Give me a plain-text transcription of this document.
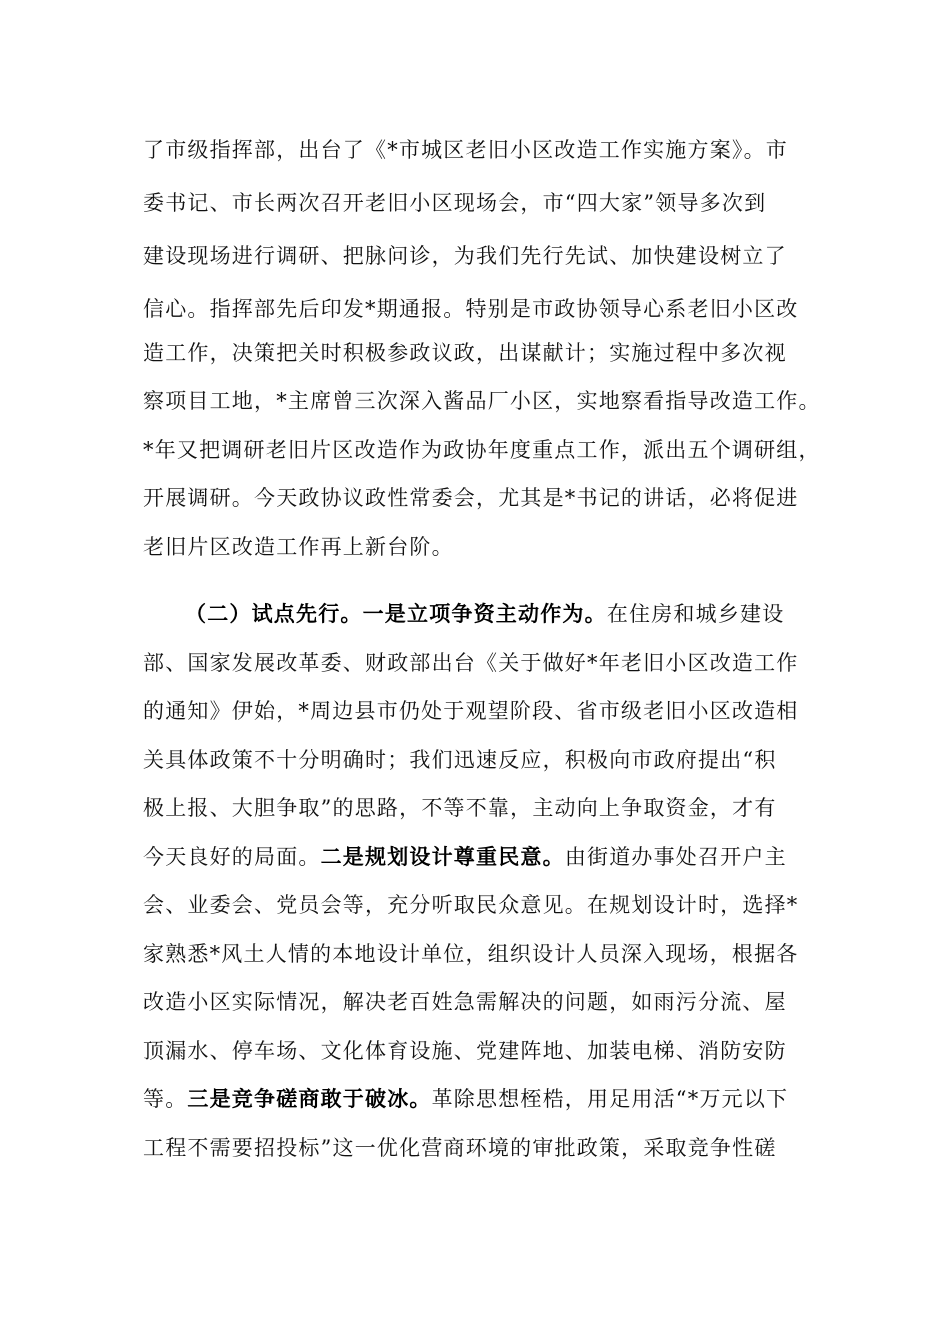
了市级指挥部，出台了《*市城区老旧小区改造工作实施方案》。市
委书记、市长两次召开老旧小区现场会，市“四大家”领导多次到
建设现场进行调研、把脉问诊，为我们先行先试、加快建设树立了
信心。指挥部先后印发*期通报。特别是市政协领导心系老旧小区改
造工作，决策把关时积极参政议政，出谋献计；实施过程中多次视
察项目工地，*主席曾三次深入酱品厂小区，实地察看指导改造工作。
*年又把调研老旧片区改造作为政协年度重点工作，派出五个调研组，
开展调研。今天政协议政性常委会，尤其是*书记的讲话，必将促进
老旧片区改造工作再上新台阶。
（二）试点先行。一是立项争资主动作为。在住房和城乡建设
部、国家发展改革委、财政部出台《关于做好*年老旧小区改造工作
的通知》伊始，*周边县市仍处于观望阶段、省市级老旧小区改造相
关具体政策不十分明确时；我们迅速反应，积极向市政府提出“积
极上报、大胆争取”的思路，不等不靠，主动向上争取资金，才有
今天良好的局面。二是规划设计尊重民意。由街道办事处召开户主
会、业委会、党员会等，充分听取民众意见。在规划设计时，选择*
家熟悉*风土人情的本地设计单位，组织设计人员深入现场，根据各
改造小区实际情况，解决老百姓急需解决的问题，如雨污分流、屋
顶漏水、停车场、文化体育设施、党建阵地、加装电梯、消防安防
等。三是竞争磋商敢于破冰。革除思想桎梏，用足用活“*万元以下
工程不需要招投标”这一优化营商环境的审批政策，采取竞争性磋
